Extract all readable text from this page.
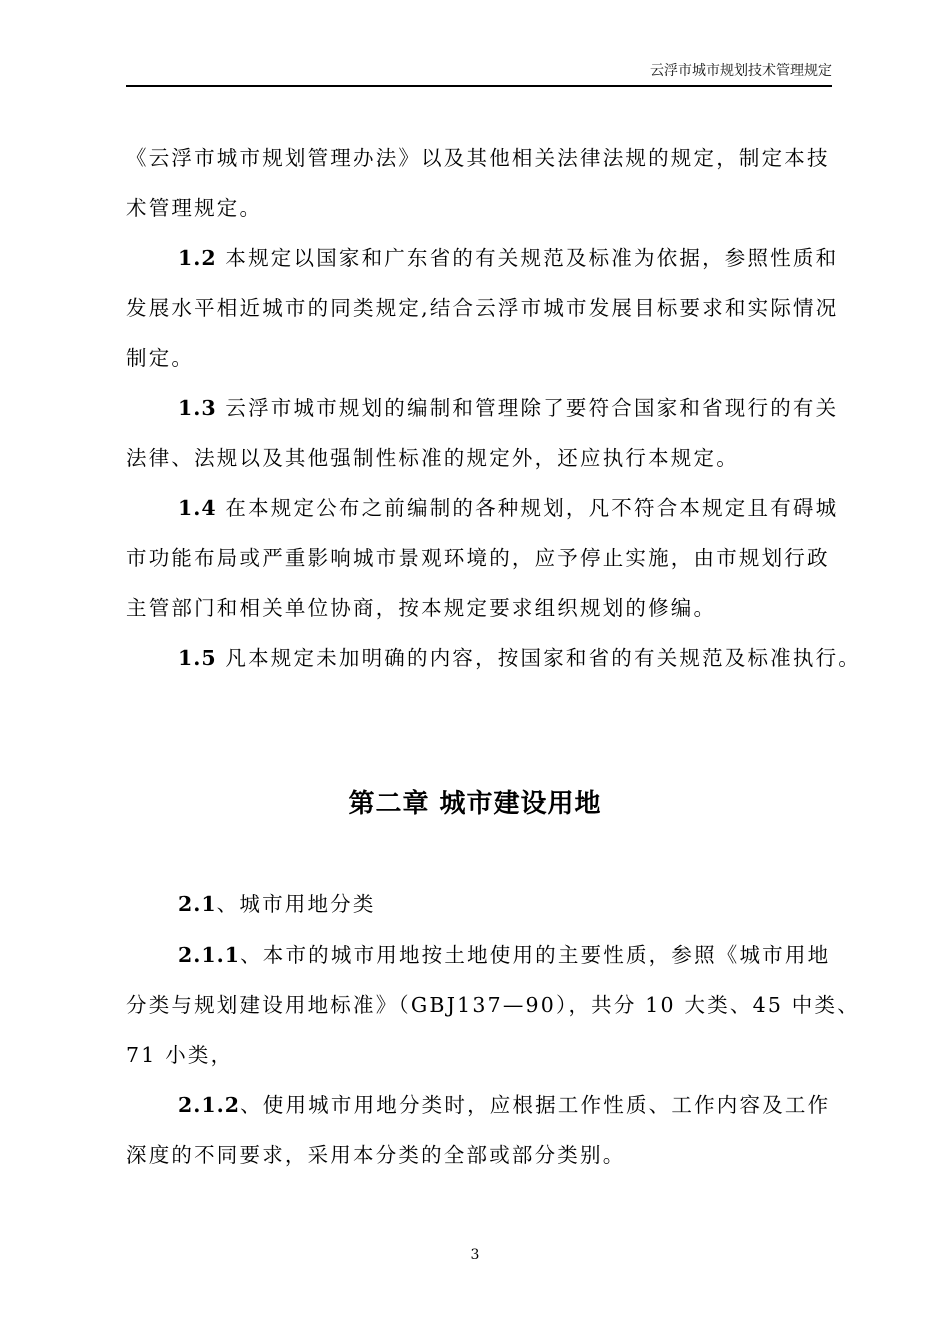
云浮市城市规划技术管理规定
《云浮市城市规划管理办法》以及其他相关法律法规的规定，制定本技
术管理规定。
1.2 本规定以国家和广东省的有关规范及标准为依据，参照性质和
发展水平相近城市的同类规定,结合云浮市城市发展目标要求和实际情况
制定。
1.3 云浮市城市规划的编制和管理除了要符合国家和省现行的有关
法律、法规以及其他强制性标准的规定外，还应执行本规定。
1.4 在本规定公布之前编制的各种规划，凡不符合本规定且有碍城
市功能布局或严重影响城市景观环境的，应予停止实施，由市规划行政
主管部门和相关单位协商，按本规定要求组织规划的修编。
1.5 凡本规定未加明确的内容，按国家和省的有关规范及标准执行。
第二章 城市建设用地
2.1、城市用地分类
2.1.1、本市的城市用地按土地使用的主要性质，参照《城市用地
分类与规划建设用地标准》（GBJ137—90），共分 10 大类、45 中类、
71 小类，
2.1.2、使用城市用地分类时，应根据工作性质、工作内容及工作
深度的不同要求，采用本分类的全部或部分类别。
3
